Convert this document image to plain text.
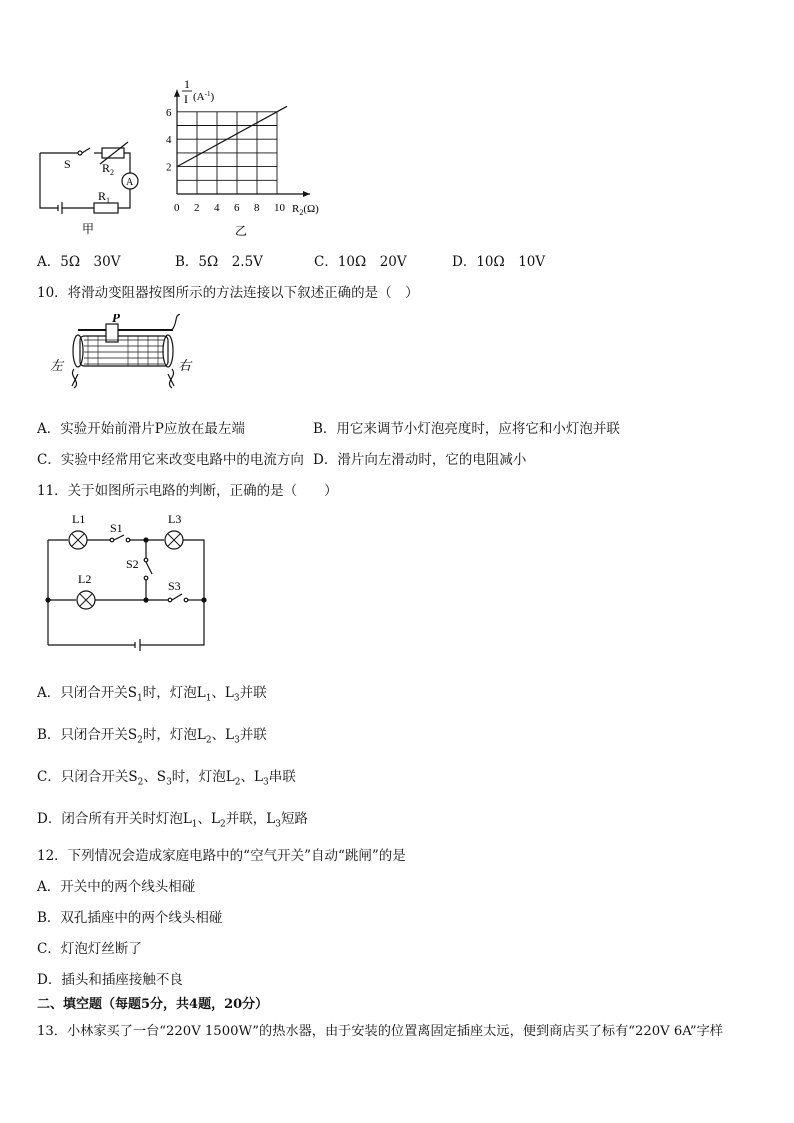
S	$R_2$
A
$R_1$
甲
0 2 4 6 8 10
2
4
6
1
I $(A^{-1})$
$R_2(\Omega)$
乙
A．5Ω　30V	B．5Ω　2.5V	C．10Ω　20V	D．10Ω　10V
10．将滑动变阻器按图所示的方法连接以下叙述正确的是（　）
P
左	右
A．实验开始前滑片P应放在最左端	B．用它来调节小灯泡亮度时，应将它和小灯泡并联
C．实验中经常用它来改变电路中的电流方向 D．滑片向左滑动时，它的电阻减小
11．关于如图所示电路的判断，正确的是（　　）
L1
S1
L3
S2
L2	S3
A．只闭合开关$S_1$时，灯泡$L_1$、$L_3$并联
B．只闭合开关$S_2$时，灯泡$L_2$、$L_3$并联
C．只闭合开关$S_2$、$S_3$时，灯泡$L_2$、$L_3$串联
D．闭合所有开关时灯泡$L_1$、$L_2$并联，$L_3$短路
12．下列情况会造成家庭电路中的“空气开关”自动“跳闸”的是
A．开关中的两个线头相碰
B．双孔插座中的两个线头相碰
C．灯泡灯丝断了
D．插头和插座接触不良
二、填空题（每题5分，共4题，20分）
13．小林家买了一台“220V 1500W”的热水器，由于安装的位置离固定插座太远，便到商店买了标有“220V 6A”字样
